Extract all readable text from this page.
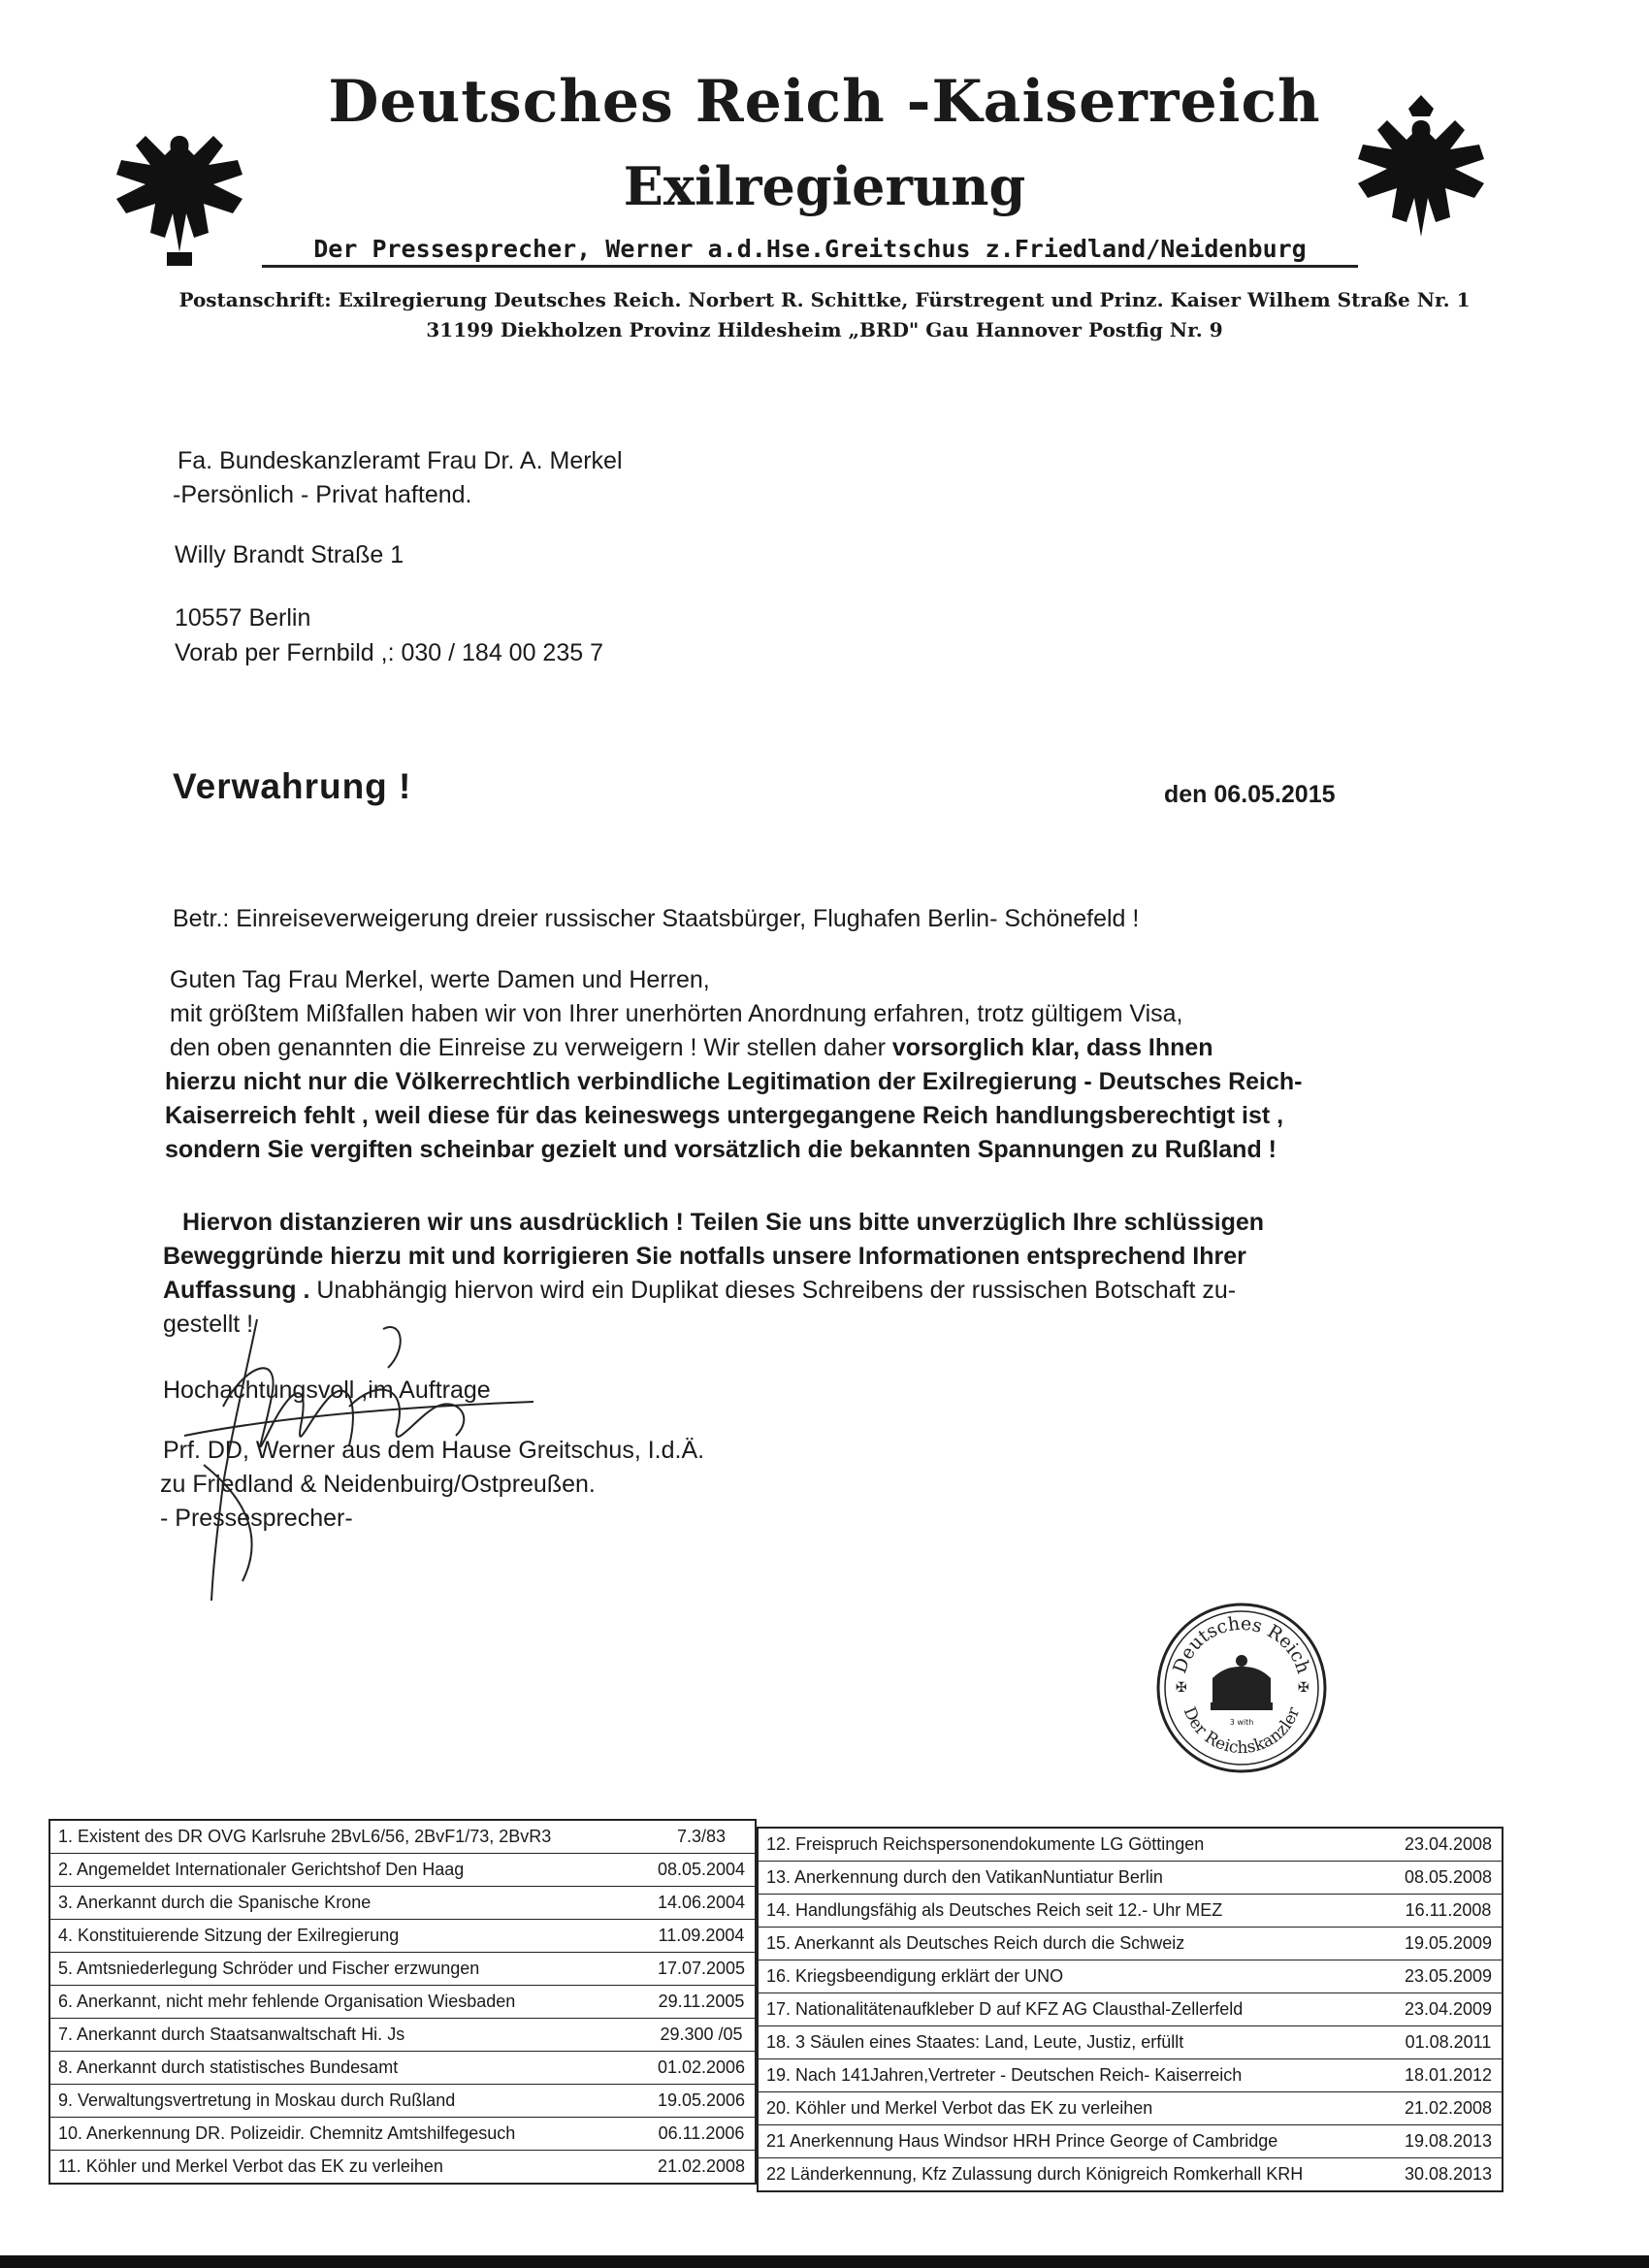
Deutsches Reich -Kaiserreich
Exilregierung
Der Pressesprecher, Werner a.d.Hse.Greitschus z.Friedland/Neidenburg
Postanschrift: Exilregierung Deutsches Reich. Norbert R. Schittke, Fürstregent und Prinz. Kaiser Wilhem Straße Nr. 1
31199 Diekholzen Provinz Hildesheim „BRD" Gau Hannover Postfig Nr. 9
Fa. Bundeskanzleramt Frau Dr. A. Merkel
-Persönlich - Privat haftend.
Willy Brandt Straße 1
10557 Berlin
Vorab per Fernbild ,: 030 / 184 00 235 7
Verwahrung !	den 06.05.2015
Betr.: Einreiseverweigerung dreier russischer Staatsbürger, Flughafen Berlin- Schönefeld !
Guten Tag Frau Merkel, werte Damen und Herren,
mit größtem Mißfallen haben wir von Ihrer unerhörten Anordnung erfahren, trotz gültigem Visa,
den oben genannten die Einreise zu verweigern ! Wir stellen daher vorsorglich klar, dass Ihnen
hierzu nicht nur die Völkerrechtlich verbindliche Legitimation der Exilregierung - Deutsches Reich-
Kaiserreich fehlt , weil diese für das keineswegs untergegangene Reich handlungsberechtigt ist ,
sondern Sie vergiften scheinbar gezielt und vorsätzlich die bekannten Spannungen zu Rußland !
Hiervon distanzieren wir uns ausdrücklich ! Teilen Sie uns bitte unverzüglich Ihre schlüssigen
Beweggründe hierzu mit und korrigieren Sie notfalls unsere Informationen entsprechend Ihrer
Auffassung . Unabhängig hiervon wird ein Duplikat dieses Schreibens der russischen Botschaft zu-
gestellt !
Hochachtungsvoll ,im Auftrage
Prf. DD, Werner aus dem Hause Greitschus, I.d.Ä.
zu Friedland & Neidenbuirg/Ostpreußen.
- Pressesprecher-
Deutsches Reich
Der Reichskanzler
3 with
✠	✠
1. Existent des DR OVG Karlsruhe 2BvL6/56, 2BvF1/73, 2BvR3	7.3/83
2. Angemeldet Internationaler Gerichtshof Den Haag	08.05.2004
3. Anerkannt durch die Spanische Krone	14.06.2004
4. Konstituierende Sitzung der Exilregierung	11.09.2004
5. Amtsniederlegung Schröder und Fischer erzwungen	17.07.2005
6. Anerkannt, nicht mehr fehlende Organisation Wiesbaden	29.11.2005
7. Anerkannt durch Staatsanwaltschaft Hi. Js	29.300 /05
8. Anerkannt durch statistisches Bundesamt	01.02.2006
9. Verwaltungsvertretung in Moskau durch Rußland	19.05.2006
10. Anerkennung DR. Polizeidir. Chemnitz Amtshilfegesuch	06.11.2006
11. Köhler und Merkel Verbot das EK zu verleihen	21.02.2008
12. Freispruch Reichspersonendokumente LG Göttingen	23.04.2008
13. Anerkennung durch den VatikanNuntiatur Berlin	08.05.2008
14. Handlungsfähig als Deutsches Reich seit 12.- Uhr MEZ	16.11.2008
15. Anerkannt als Deutsches Reich durch die Schweiz	19.05.2009
16. Kriegsbeendigung erklärt der UNO	23.05.2009
17. Nationalitätenaufkleber D auf KFZ AG Clausthal-Zellerfeld	23.04.2009
18. 3 Säulen eines Staates: Land, Leute, Justiz, erfüllt	01.08.2011
19. Nach 141Jahren,Vertreter - Deutschen Reich- Kaiserreich	18.01.2012
20. Köhler und Merkel Verbot das EK zu verleihen	21.02.2008
21 Anerkennung Haus Windsor HRH Prince George of Cambridge	19.08.2013
22 Länderkennung, Kfz Zulassung durch Königreich Romkerhall KRH	30.08.2013
